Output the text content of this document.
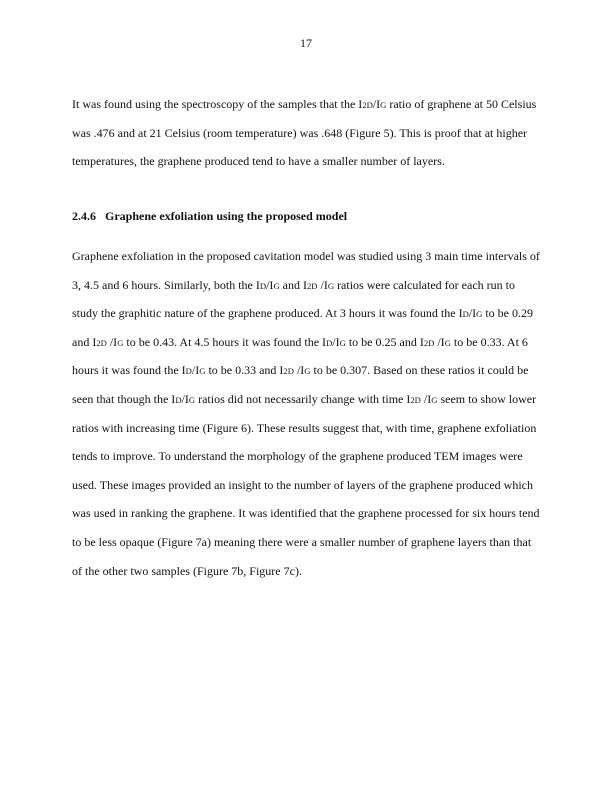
17

It was found using the spectroscopy of the samples that the I2D/IG ratio of graphene at 50 Celsius
was .476 and at 21 Celsius (room temperature) was .648 (Figure 5). This is proof that at higher
temperatures, the graphene produced tend to have a smaller number of layers.

2.4.6 Graphene exfoliation using the proposed model

Graphene exfoliation in the proposed cavitation model was studied using 3 main time intervals of
3, 4.5 and 6 hours. Similarly, both the ID/IG and I2D /IG ratios were calculated for each run to
study the graphitic nature of the graphene produced. At 3 hours it was found the ID/IG to be 0.29
and I2D /IG to be 0.43. At 4.5 hours it was found the ID/IG to be 0.25 and I2D /IG to be 0.33. At 6
hours it was found the ID/IG to be 0.33 and I2D /IG to be 0.307. Based on these ratios it could be
seen that though the ID/IG ratios did not necessarily change with time I2D /IG seem to show lower
ratios with increasing time (Figure 6). These results suggest that, with time, graphene exfoliation
tends to improve. To understand the morphology of the graphene produced TEM images were
used. These images provided an insight to the number of layers of the graphene produced which
was used in ranking the graphene. It was identified that the graphene processed for six hours tend
to be less opaque (Figure 7a) meaning there were a smaller number of graphene layers than that
of the other two samples (Figure 7b, Figure 7c).
